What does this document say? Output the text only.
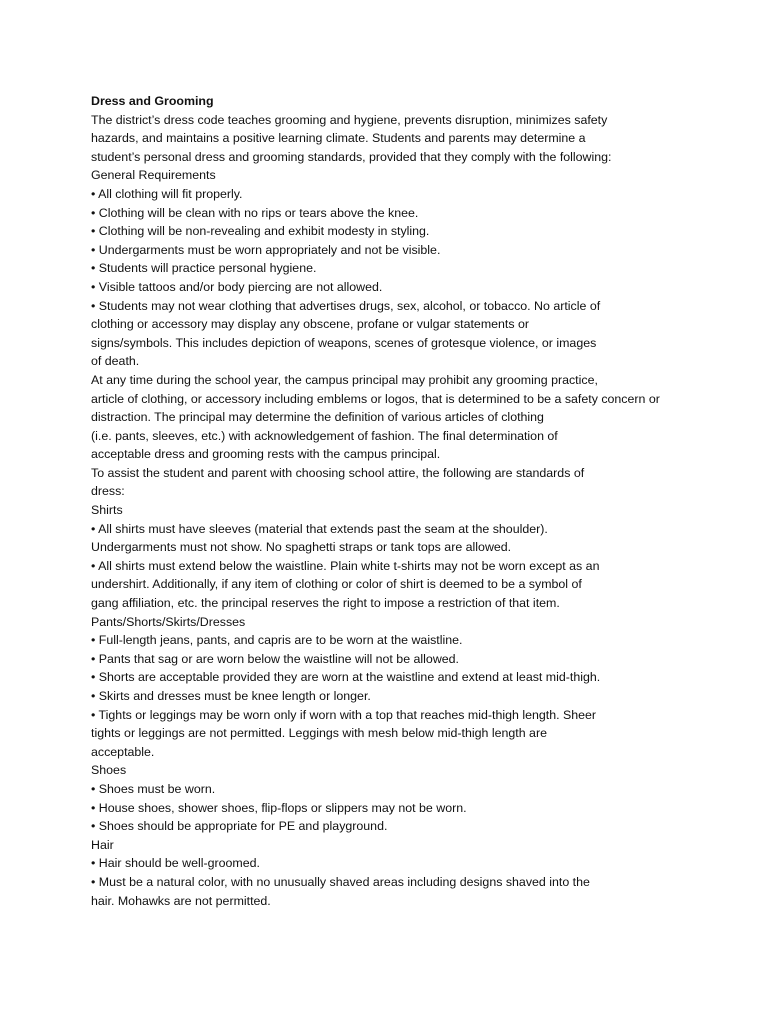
Dress and Grooming
The district’s dress code teaches grooming and hygiene, prevents disruption, minimizes safety
hazards, and maintains a positive learning climate. Students and parents may determine a
student’s personal dress and grooming standards, provided that they comply with the following:
General Requirements
• All clothing will fit properly.
• Clothing will be clean with no rips or tears above the knee.
• Clothing will be non-revealing and exhibit modesty in styling.
• Undergarments must be worn appropriately and not be visible.
• Students will practice personal hygiene.
• Visible tattoos and/or body piercing are not allowed.
• Students may not wear clothing that advertises drugs, sex, alcohol, or tobacco. No article of
clothing or accessory may display any obscene, profane or vulgar statements or
signs/symbols. This includes depiction of weapons, scenes of grotesque violence, or images
of death.
At any time during the school year, the campus principal may prohibit any grooming practice,
article of clothing, or accessory including emblems or logos, that is determined to be a safety concern or
distraction. The principal may determine the definition of various articles of clothing
(i.e. pants, sleeves, etc.) with acknowledgement of fashion. The final determination of
acceptable dress and grooming rests with the campus principal.
To assist the student and parent with choosing school attire, the following are standards of
dress:
Shirts
• All shirts must have sleeves (material that extends past the seam at the shoulder).
Undergarments must not show. No spaghetti straps or tank tops are allowed.
• All shirts must extend below the waistline. Plain white t-shirts may not be worn except as an
undershirt. Additionally, if any item of clothing or color of shirt is deemed to be a symbol of
gang affiliation, etc. the principal reserves the right to impose a restriction of that item.
Pants/Shorts/Skirts/Dresses
• Full-length jeans, pants, and capris are to be worn at the waistline.
• Pants that sag or are worn below the waistline will not be allowed.
• Shorts are acceptable provided they are worn at the waistline and extend at least mid-thigh.
• Skirts and dresses must be knee length or longer.
• Tights or leggings may be worn only if worn with a top that reaches mid-thigh length. Sheer
tights or leggings are not permitted. Leggings with mesh below mid-thigh length are
acceptable.
Shoes
• Shoes must be worn.
• House shoes, shower shoes, flip-flops or slippers may not be worn.
• Shoes should be appropriate for PE and playground.
Hair
• Hair should be well-groomed.
• Must be a natural color, with no unusually shaved areas including designs shaved into the
hair. Mohawks are not permitted.
